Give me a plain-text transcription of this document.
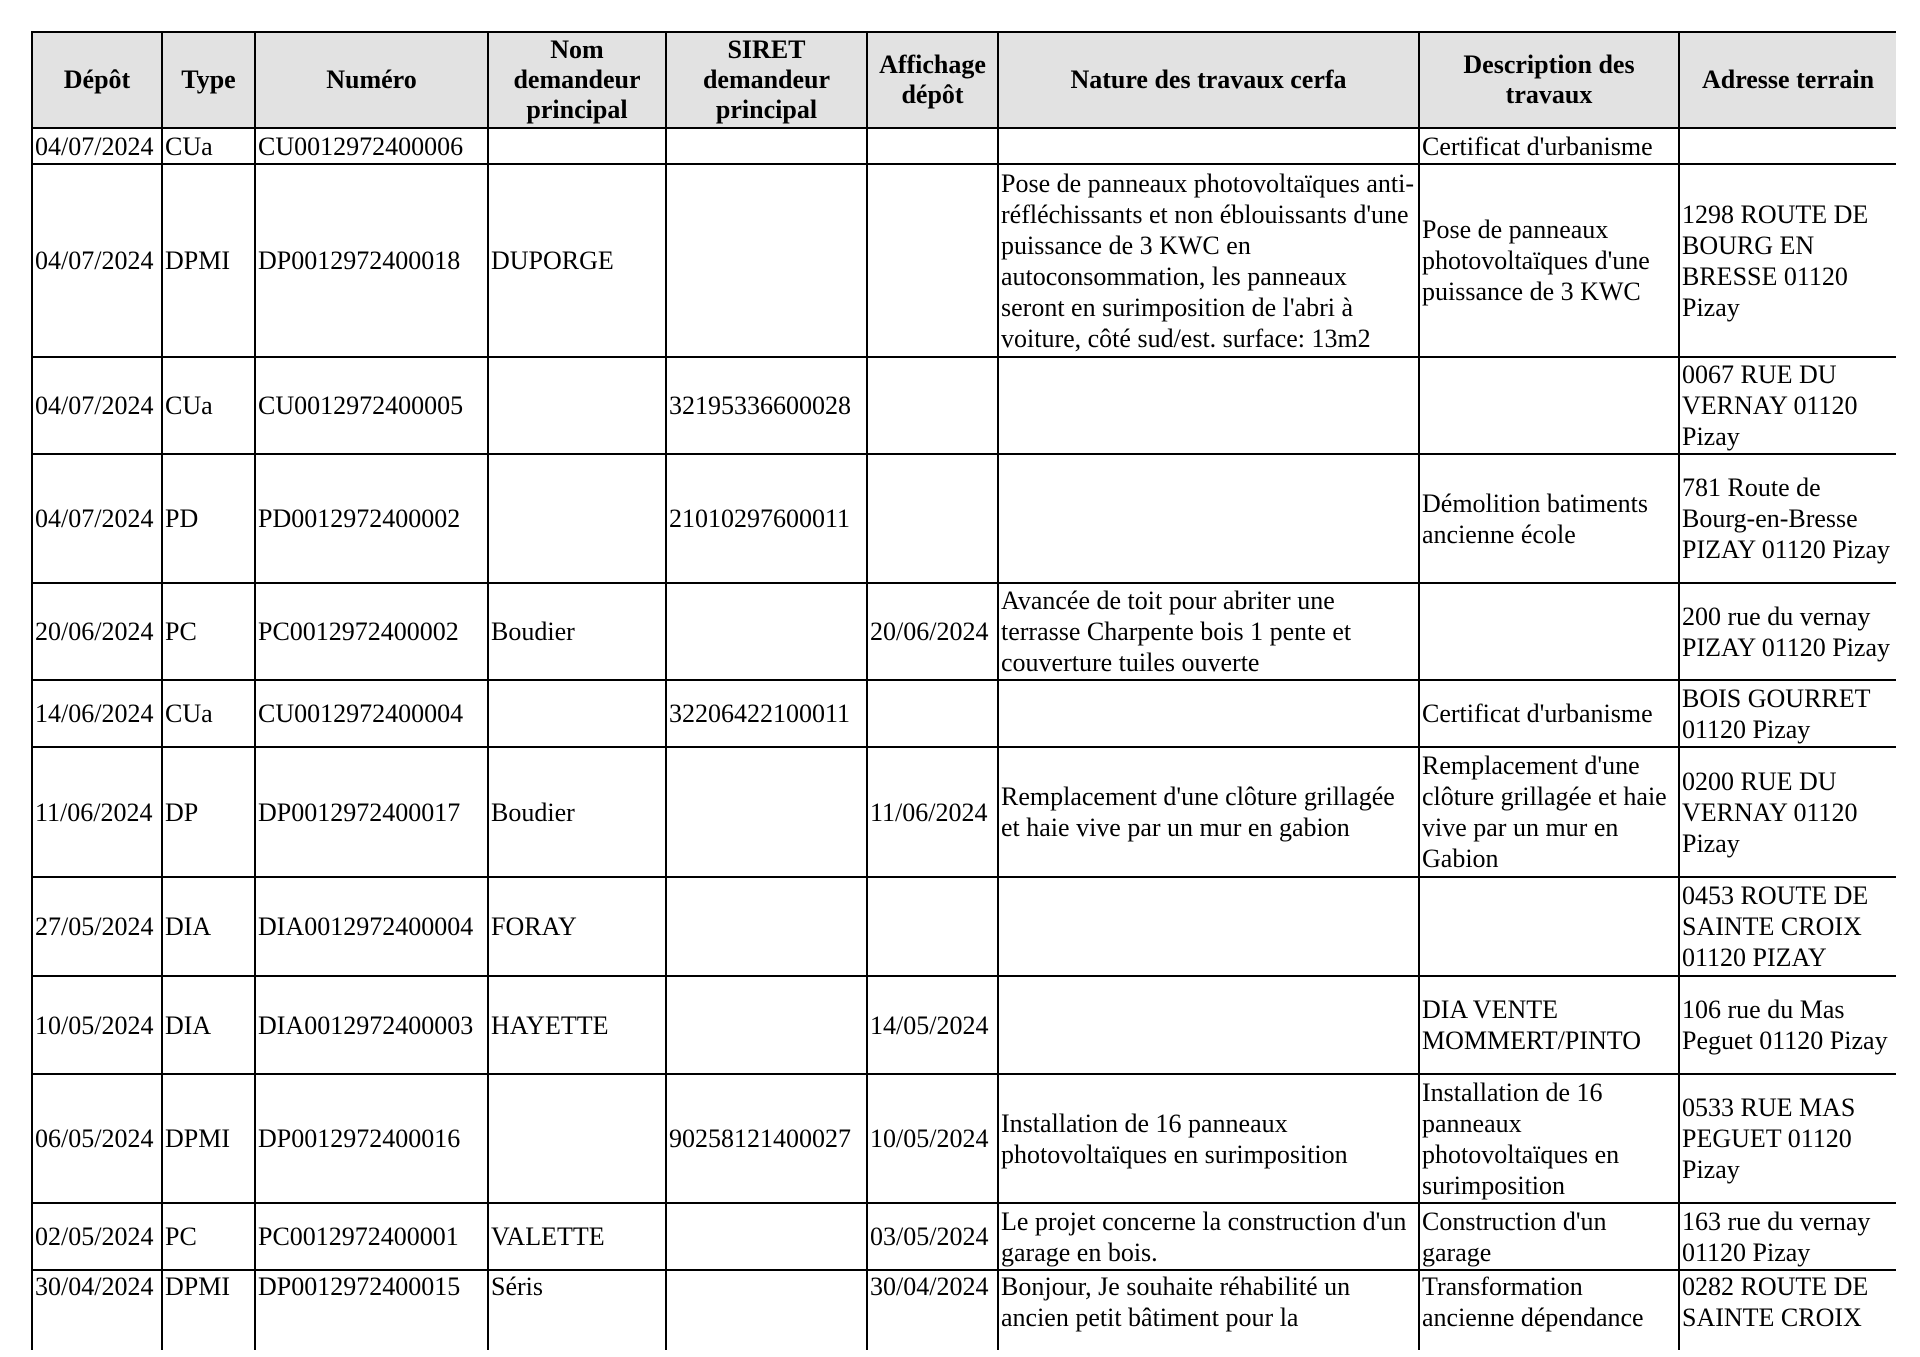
Dépôt	Type	Numéro	Nom demandeur principal	SIRET demandeur principal	Affichage dépôt	Nature des travaux cerfa	Description des travaux	Adresse terrain
04/07/2024	CUa	CU0012972400006					Certificat d'urbanisme	
04/07/2024	DPMI	DP0012972400018	DUPORGE			Pose de panneaux photovoltaïques anti-réfléchissants et non éblouissants d'une puissance de 3 KWC en autoconsommation, les panneaux seront en surimposition de l'abri à voiture, côté sud/est. surface: 13m2	Pose de panneaux photovoltaïques d'une puissance de 3 KWC	1298 ROUTE DE BOURG EN BRESSE 01120 Pizay
04/07/2024	CUa	CU0012972400005		32195336600028				0067 RUE DU VERNAY 01120 Pizay
04/07/2024	PD	PD0012972400002		21010297600011			Démolition batiments ancienne école	781 Route de Bourg-en-Bresse PIZAY 01120 Pizay
20/06/2024	PC	PC0012972400002	Boudier		20/06/2024	Avancée de toit pour abriter une terrasse Charpente bois 1 pente et couverture tuiles ouverte		200 rue du vernay PIZAY 01120 Pizay
14/06/2024	CUa	CU0012972400004		32206422100011			Certificat d'urbanisme	BOIS GOURRET 01120 Pizay
11/06/2024	DP	DP0012972400017	Boudier		11/06/2024	Remplacement d'une clôture grillagée et haie vive par un mur en gabion	Remplacement d'une clôture grillagée et haie vive par un mur en Gabion	0200 RUE DU VERNAY 01120 Pizay
27/05/2024	DIA	DIA0012972400004	FORAY					0453 ROUTE DE SAINTE CROIX 01120 PIZAY
10/05/2024	DIA	DIA0012972400003	HAYETTE		14/05/2024		DIA VENTE MOMMERT/PINTO	106 rue du Mas Peguet 01120 Pizay
06/05/2024	DPMI	DP0012972400016		90258121400027	10/05/2024	Installation de 16 panneaux photovoltaïques en surimposition	Installation de 16 panneaux photovoltaïques en surimposition	0533 RUE MAS PEGUET 01120 Pizay
02/05/2024	PC	PC0012972400001	VALETTE		03/05/2024	Le projet concerne la construction d'un garage en bois.	Construction d'un garage	163 rue du vernay 01120 Pizay
30/04/2024	DPMI	DP0012972400015	Séris		30/04/2024	Bonjour, Je souhaite réhabilité un ancien petit bâtiment pour la	Transformation ancienne dépendance	0282 ROUTE DE SAINTE CROIX
